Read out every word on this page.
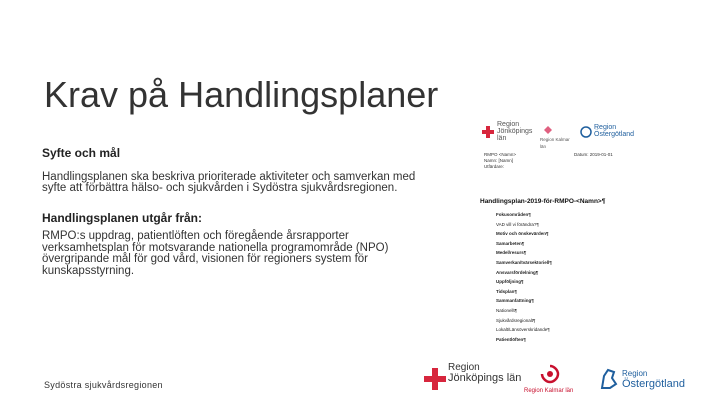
Krav på Handlingsplaner

Syfte och mål

Handlingsplanen ska beskriva prioriterade aktiviteter och samverkan med syfte att förbättra hälso- och sjukvården i Sydöstra sjukvårdsregionen.

Handlingsplanen utgår från:

RMPO:s uppdrag, patientlöften och föregående årsrapporter verksamhetsplan för motsvarande nationella programområde (NPO) övergripande mål för god vård, visionen för regioners system för kunskapsstyrning.

Region Jönköpings län	Region Kalmar län
Region Östergötland
RMPO <Namn>
Namn: [Namn]
Utfärdare:
Datum: 2019-01-01
Handlingsplan-2019-för-RMPO-<Namn>¶
Fokusområden¶
VAD vill vi förändra?¶
Motiv och önskevärden¶
Samarbeten¶
Medel/resurs¶
Samverkan/tvärsektoriell¶
Ansvarsfördelning¶
Uppföljning¶
Tidsplan¶
Sammanfattning¶
Nationellt¶
Sjukvårdsregionalt¶
Lokalt/Länsöverskridande¶
Patientlöften¶
Sydöstra sjukvårdsregionen
Region
Jönköpings län
Region Kalmar län
Region
Östergötland
